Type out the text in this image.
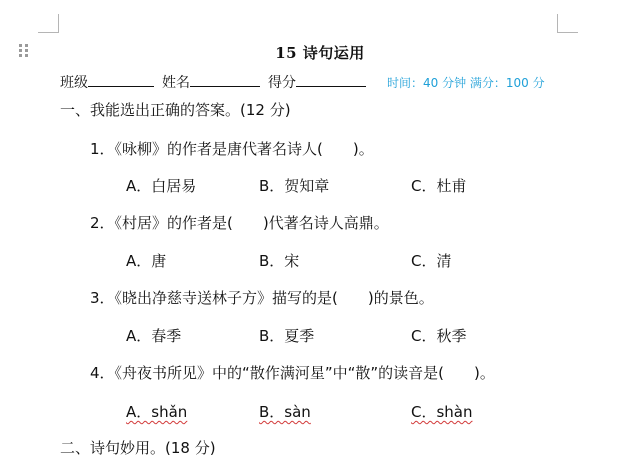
15 诗句运用
班级	姓名	得分	时间：40 分钟 满分：100 分
一、我能选出正确的答案。(12 分)
1．《咏柳》的作者是唐代著名诗人(　　)。
A．白居易	B．贺知章	C．杜甫
2．《村居》的作者是(　　)代著名诗人高鼎。
A．唐	B．宋	C．清
3．《晓出净慈寺送林子方》描写的是(　　)的景色。
A．春季	B．夏季	C．秋季
4．《舟夜书所见》中的“散作满河星”中“散”的读音是(　　)。
A．shǎn	B．sàn	C．shàn
二、诗句妙用。(18 分)
